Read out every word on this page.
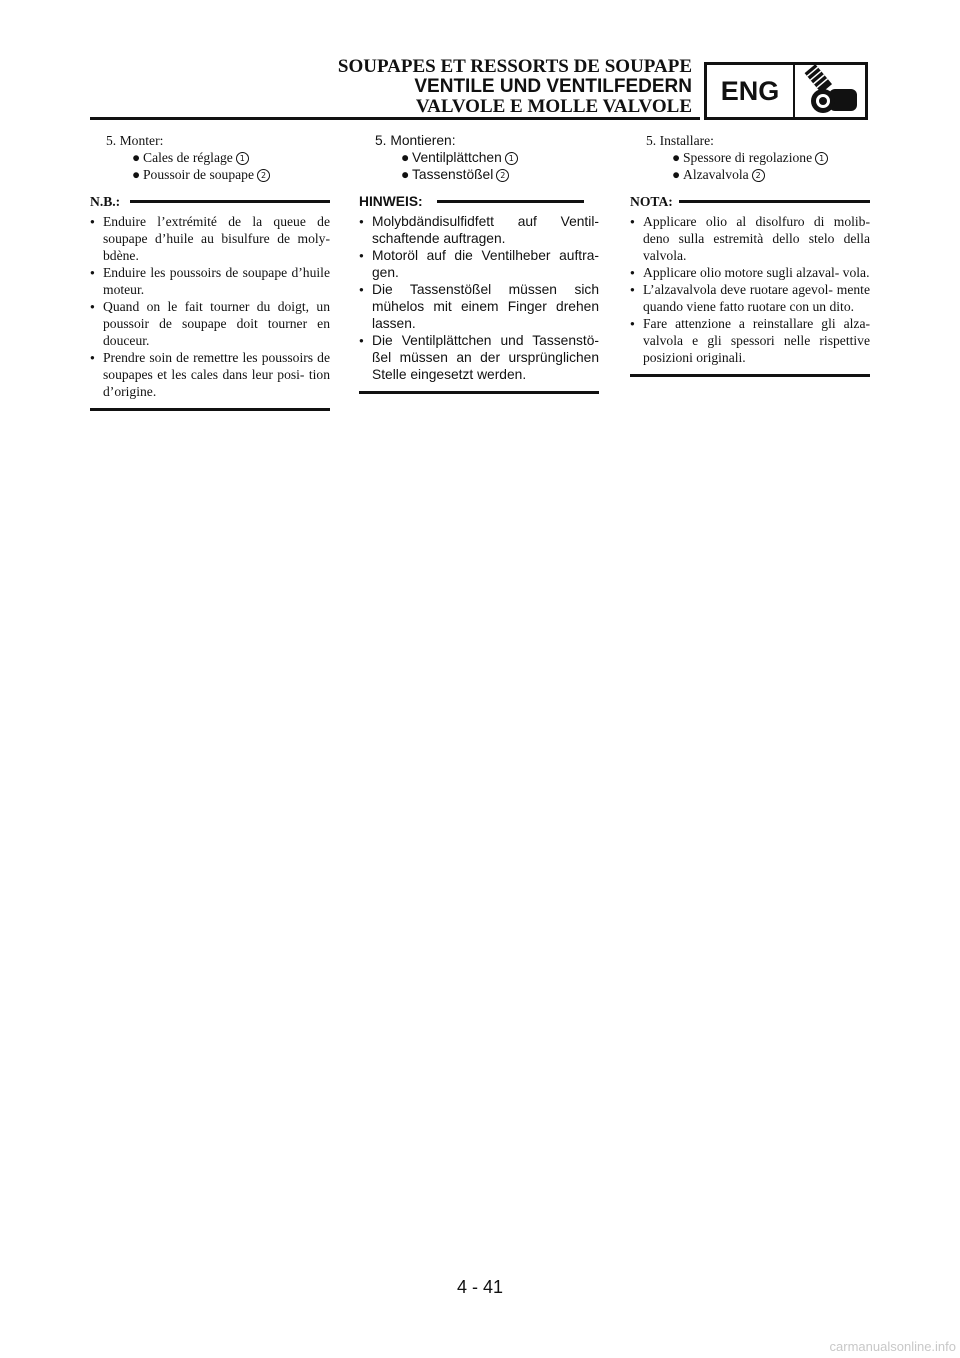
SOUPAPES ET RESSORTS DE SOUPAPE
VENTILE UND VENTILFEDERN
VALVOLE E MOLLE VALVOLE
ENG
5. Monter:
● Cales de réglage 1
● Poussoir de soupape 2
N.B.:
● Enduire l’extrémité de la queue de soupape d’huile au bisulfure de moly- bdène.
● Enduire les poussoirs de soupape d’huile moteur.
● Quand on le fait tourner du doigt, un poussoir de soupape doit tourner en douceur.
● Prendre soin de remettre les poussoirs de soupapes et les cales dans leur posi- tion d’origine.
5. Montieren:
● Ventilplättchen 1
● Tassenstößel 2
HINWEIS:
● Molybdändisulfidfett auf Ventil- schaftende auftragen.
● Motoröl auf die Ventilheber auftra- gen.
● Die Tassenstößel müssen sich mühelos mit einem Finger drehen lassen.
● Die Ventilplättchen und Tassenstö- ßel müssen an der ursprünglichen Stelle eingesetzt werden.
5. Installare:
● Spessore di regolazione 1
● Alzavalvola 2
NOTA:
● Applicare olio al disolfuro di molib- deno sulla estremità dello stelo della valvola.
● Applicare olio motore sugli alzaval- vola.
● L’alzavalvola deve ruotare agevol- mente quando viene fatto ruotare con un dito.
● Fare attenzione a reinstallare gli alza- valvola e gli spessori nelle rispettive posizioni originali.
4 - 41
carmanualsonline.info
